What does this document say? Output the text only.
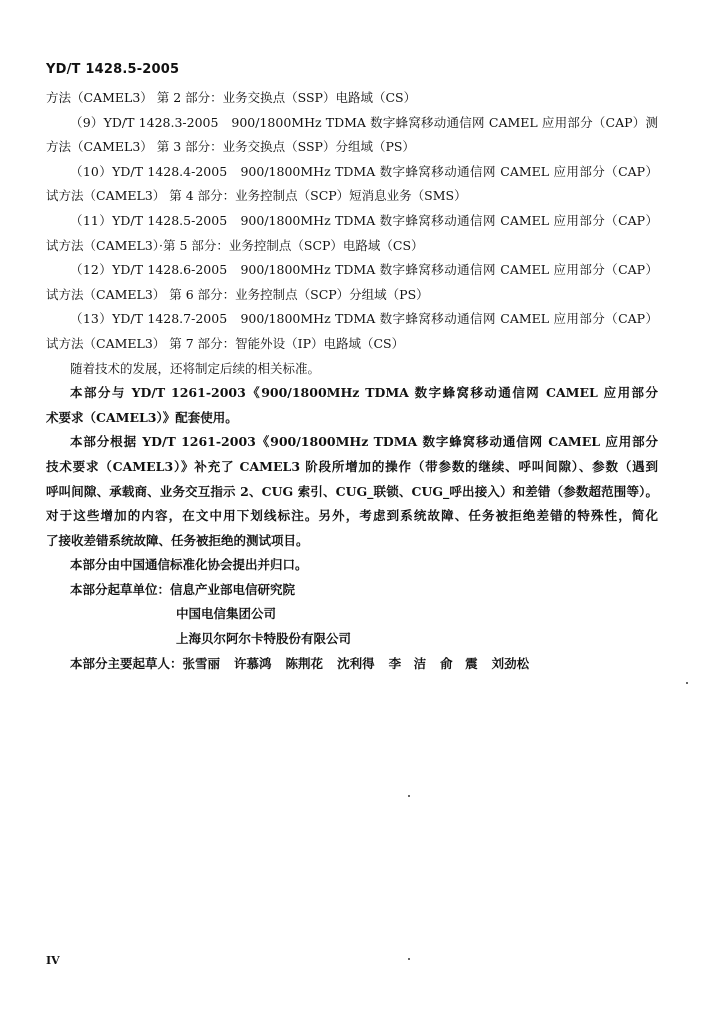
YD/T 1428.5-2005
方法（CAMEL3） 第 2 部分：业务交换点（SSP）电路域（CS）
（9）YD/T 1428.3-2005　900/1800MHz TDMA 数字蜂窝移动通信网 CAMEL 应用部分（CAP）测
方法（CAMEL3） 第 3 部分：业务交换点（SSP）分组域（PS）
（10）YD/T 1428.4-2005　900/1800MHz TDMA 数字蜂窝移动通信网 CAMEL 应用部分（CAP）
试方法（CAMEL3） 第 4 部分：业务控制点（SCP）短消息业务（SMS）
（11）YD/T 1428.5-2005　900/1800MHz TDMA 数字蜂窝移动通信网 CAMEL 应用部分（CAP）
试方法（CAMEL3）·第 5 部分：业务控制点（SCP）电路域（CS）
（12）YD/T 1428.6-2005　900/1800MHz TDMA 数字蜂窝移动通信网 CAMEL 应用部分（CAP）
试方法（CAMEL3） 第 6 部分：业务控制点（SCP）分组域（PS）
（13）YD/T 1428.7-2005　900/1800MHz TDMA 数字蜂窝移动通信网 CAMEL 应用部分（CAP）
试方法（CAMEL3） 第 7 部分：智能外设（IP）电路域（CS）
随着技术的发展，还将制定后续的相关标准。
本部分与 YD/T 1261-2003《900/1800MHz TDMA 数字蜂窝移动通信网 CAMEL 应用部分
术要求（CAMEL3）》配套使用。
本部分根据 YD/T 1261-2003《900/1800MHz TDMA 数字蜂窝移动通信网 CAMEL 应用部分
技术要求（CAMEL3）》补充了 CAMEL3 阶段所增加的操作（带参数的继续、呼叫间隙）、参数（遇到
呼叫间隙、承载商、业务交互指示 2、CUG 索引、CUG_联锁、CUG_呼出接入）和差错（参数超范围等）。
对于这些增加的内容，在文中用下划线标注。另外，考虑到系统故障、任务被拒绝差错的特殊性，简化
了接收差错系统故障、任务被拒绝的测试项目。
本部分由中国通信标准化协会提出并归口。
本部分起草单位：信息产业部电信研究院
中国电信集团公司
上海贝尔阿尔卡特股份有限公司
本部分主要起草人：张雪丽 许慕鸿 陈荆花 沈利得 李　洁 俞　震 刘劲松
IV
